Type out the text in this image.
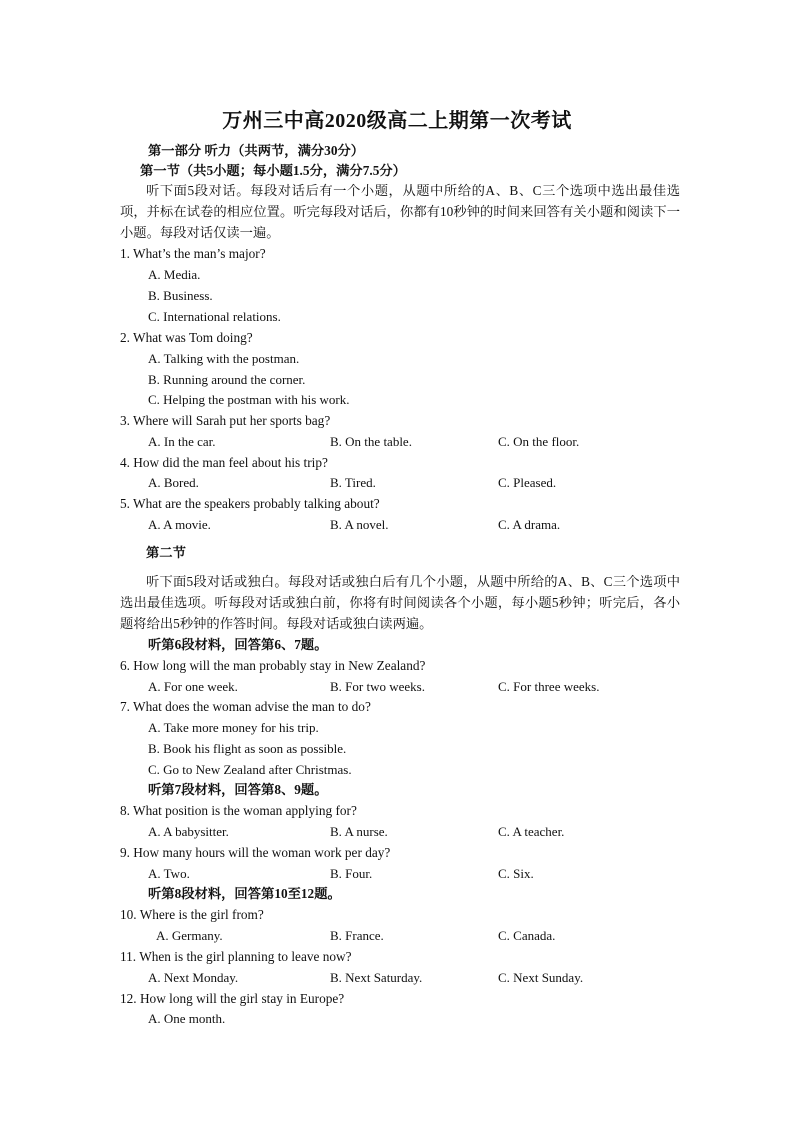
万州三中高2020级高二上期第一次考试
第一部分 听力（共两节，满分30分）
第一节（共5小题；每小题1.5分，满分7.5分）
听下面5段对话。每段对话后有一个小题，从题中所给的A、B、C三个选项中选出最佳选项，并标在试卷的相应位置。听完每段对话后，你都有10秒钟的时间来回答有关小题和阅读下一小题。每段对话仅读一遍。
1. What’s the man’s major?
A. Media.
B. Business.
C. International relations.
2. What was Tom doing?
A. Talking with the postman.
B. Running around the corner.
C. Helping the postman with his work.
3. Where will Sarah put her sports bag?
A. In the car.	B. On the table.	C. On the floor.
4. How did the man feel about his trip?
A. Bored.	B. Tired.	C. Pleased.
5. What are the speakers probably talking about?
A. A movie.	B. A novel.	C. A drama.
第二节
听下面5段对话或独白。每段对话或独白后有几个小题，从题中所给的A、B、C三个选项中选出最佳选项。听每段对话或独白前，你将有时间阅读各个小题，每小题5秒钟；听完后，各小题将给出5秒钟的作答时间。每段对话或独白读两遍。
听第6段材料，回答第6、7题。
6. How long will the man probably stay in New Zealand?
A. For one week.	B. For two weeks.	C. For three weeks.
7. What does the woman advise the man to do?
A. Take more money for his trip.
B. Book his flight as soon as possible.
C. Go to New Zealand after Christmas.
听第7段材料，回答第8、9题。
8. What position is the woman applying for?
A. A babysitter.	B. A nurse.	C. A teacher.
9. How many hours will the woman work per day?
A. Two.	B. Four.	C. Six.
听第8段材料，回答第10至12题。
10. Where is the girl from?
A. Germany.	B. France.	C. Canada.
11. When is the girl planning to leave now?
A. Next Monday.	B. Next Saturday.	C. Next Sunday.
12. How long will the girl stay in Europe?
A. One month.
